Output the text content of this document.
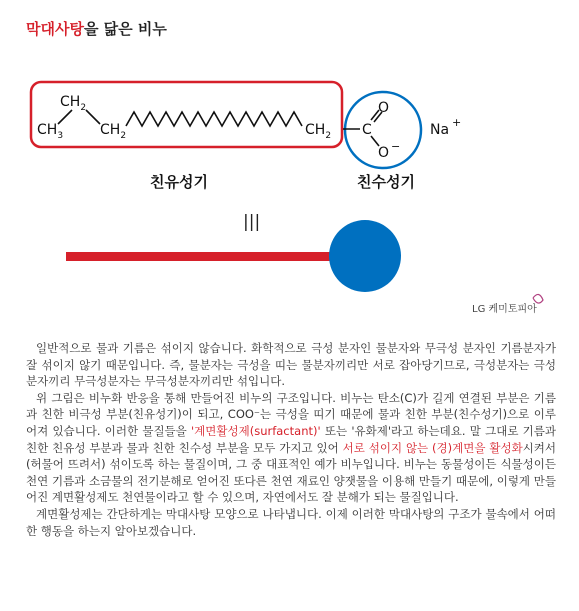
막대사탕을 닮은 비누
$CH_2$
$CH_3$	$CH_2$	$CH_2$ C
O
O −
Na +
친유성기	친수성기
|||
LG 케미토피아

일반적으로 물과 기름은 섞이지 않습니다. 화학적으로 극성 분자인 물분자와 무극성 분자인 기름분자가 잘 섞이지 않기 때문입니다. 즉, 물분자는 극성을 띠는 물분자끼리만 서로 잡아당기므로, 극성분자는 극성분자끼리 무극성분자는 무극성분자끼리만 섞입니다.

위 그림은 비누화 반응을 통해 만들어진 비누의 구조입니다. 비누는 탄소(C)가 길게 연결된 부분은 기름과 친한 비극성 부분(친유성기)이 되고, COO⁻는 극성을 띠기 때문에 물과 친한 부분(친수성기)으로 이루어져 있습니다. 이러한 물질들을 '계면활성제(surfactant)' 또는 '유화제'라고 하는데요. 말 그대로 기름과 친한 친유성 부분과 물과 친한 친수성 부분을 모두 가지고 있어 서로 섞이지 않는 (경)계면을 활성화시켜서 (허물어 뜨려서) 섞이도록 하는 물질이며, 그 중 대표적인 예가 비누입니다. 비누는 동물성이든 식물성이든 천연 기름과 소금물의 전기분해로 얻어진 또다른 천연 재료인 양잿물을 이용해 만들기 때문에, 이렇게 만들어진 계면활성제도 천연물이라고 할 수 있으며, 자연에서도 잘 분해가 되는 물질입니다.

계면활성제는 간단하게는 막대사탕 모양으로 나타냅니다. 이제 이러한 막대사탕의 구조가 물속에서 어떠한 행동을 하는지 알아보겠습니다.
